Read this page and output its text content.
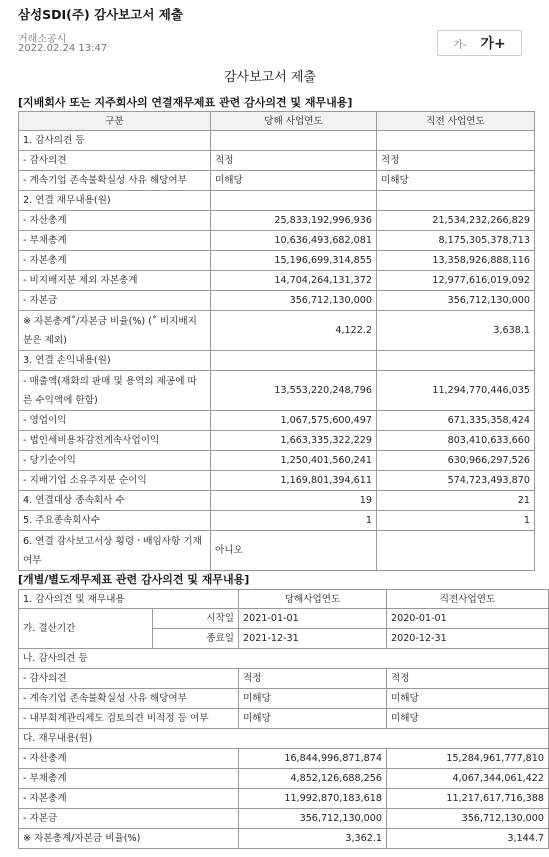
삼성SDI(주) 감사보고서 제출
거래소공시
2022.02.24 13:47	가- 가+
감사보고서 제출
[지배회사 또는 지주회사의 연결재무제표 관련 감사의견 및 재무내용]
구분	당해 사업연도	직전 사업연도
1. 감사의견 등		
- 감사의견	적정	적정
- 계속기업 존속불확실성 사유 해당여부	미해당	미해당
2. 연결 재무내용(원)		
- 자산총계	25,833,192,996,936	21,534,232,266,829
- 부채총계	10,636,493,682,081	8,175,305,378,713
- 자본총계	15,196,699,314,855	13,358,926,888,116
- 비지배지분 제외 자본총계	14,704,264,131,372	12,977,616,019,092
- 자본금	356,712,130,000	356,712,130,000
※ 자본총계˚/자본금 비율(%) (˚ 비지배지분은 제외)	4,122.2	3,638.1
3. 연결 손익내용(원)		
- 매출액(재화의 판매 및 용역의 제공에 따른 수익액에 한함)	13,553,220,248,796	11,294,770,446,035
- 영업이익	1,067,575,600,497	671,335,358,424
- 법인세비용차감전계속사업이익	1,663,335,322,229	803,410,633,660
- 당기순이익	1,250,401,560,241	630,966,297,526
- 지배기업 소유주지분 순이익	1,169,801,394,611	574,723,493,870
4. 연결대상 종속회사 수	19	21
5. 주요종속회사수	1	1
6. 연결 감사보고서상 횡령ㆍ배임사항 기재여부	아니오	
[개별/별도재무제표 관련 감사의견 및 재무내용]
1. 감사의견 및 재무내용		당해사업연도	직전사업연도
가. 결산기간	시작일	2021-01-01	2020-01-01
	종료일	2021-12-31	2020-12-31
나. 감사의견 등			
- 감사의견		적정	적정
- 계속기업 존속불확실성 사유 해당여부		미해당	미해당
- 내부회계관리제도 검토의견 비적정 등 여부		미해당	미해당
다. 재무내용(원)			
- 자산총계		16,844,996,871,874	15,284,961,777,810
- 부채총계		4,852,126,688,256	4,067,344,061,422
- 자본총계		11,992,870,183,618	11,217,617,716,388
- 자본금		356,712,130,000	356,712,130,000
※ 자본총계/자본금 비율(%)		3,362.1	3,144.7
